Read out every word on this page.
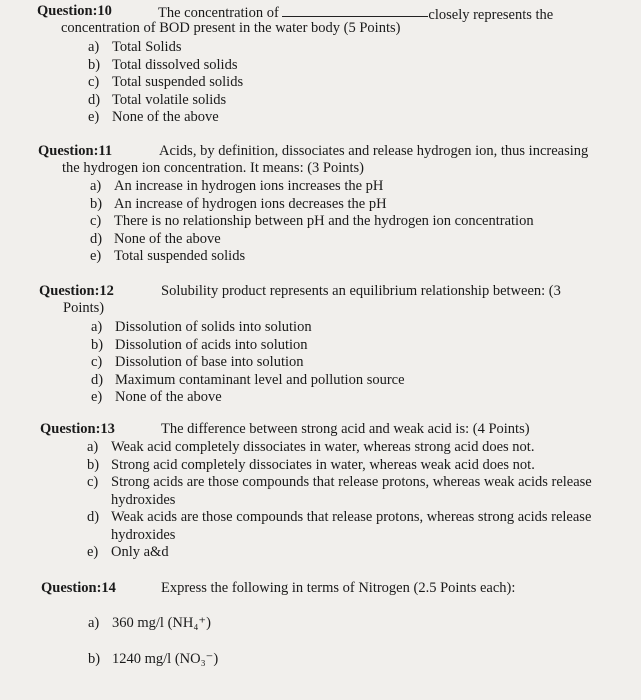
Question:10	The concentration of	closely represents the
concentration of BOD present in the water body (5 Points)
a) Total Solids
b) Total dissolved solids
c) Total suspended solids
d) Total volatile solids
e) None of the above
Question:11	Acids, by definition, dissociates and release hydrogen ion, thus increasing
the hydrogen ion concentration. It means: (3 Points)
a) An increase in hydrogen ions increases the pH
b) An increase of hydrogen ions decreases the pH
c) There is no relationship between pH and the hydrogen ion concentration
d) None of the above
e) Total suspended solids
Question:12	Solubility product represents an equilibrium relationship between: (3
Points)
a) Dissolution of solids into solution
b) Dissolution of acids into solution
c) Dissolution of base into solution
d) Maximum contaminant level and pollution source
e) None of the above
Question:13	The difference between strong acid and weak acid is: (4 Points)
a) Weak acid completely dissociates in water, whereas strong acid does not.
b) Strong acid completely dissociates in water, whereas weak acid does not.
c) Strong acids are those compounds that release protons, whereas weak acids release hydroxides
d) Weak acids are those compounds that release protons, whereas strong acids release hydroxides
e) Only a&d
Question:14	Express the following in terms of Nitrogen (2.5 Points each):
a) 360 mg/l (NH₄⁺)
b) 1240 mg/l (NO₃⁻)
